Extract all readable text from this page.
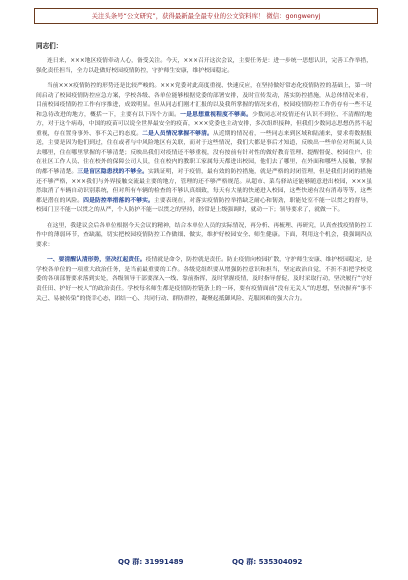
关注头条号“公文研究”，获得最新最全最专业的公文资料库！ 微信：gongwenyj
同志们：

连日来，×××地区疫情牵动人心，备受关注。今天，×××召开这次会议，主要任务是：进一步统一思想认识，完善工作举措，强化责任担当，全力以赴做好校园疫情防控，守护师生安康，维护校园稳定。

当前×××疫情防控的形势还是比较严峻的。×××党委对此高度重视、快速反应，在坚持做好常态化疫情防控的基础上，第一时间启动了校园疫情防控应急方案，学校各级、各单位能够根据党委的部署安排，及时宣传发动，落实防控措施，从总体情况来看，目前校园疫情防控工作有序推进，成效明显。但从同志们刚才汇报的以及我所掌握的情况来看，校园疫情防控工作仍存有一些不足和急待改进的地方，概括一下，主要有以下四个方面。一是思想重视程度不够高。少数同志对疫情还有认识不到位、不清醒的地方，对于这个病毒，中国的疫苗可以说全世界最安全的疫苗，×××党委也主动安排，多次组织接种，但我们少数同志思想仍然不起重视，存在置身事外、事不关己的态度。二是人员情况掌握不够清。从近期的情况看，一些同志来到区域和陆浦来，要求将数据报送，主要是因为他们到过，住在或者与中风险地区有关联，而对于这些情况，我们大都是事后才知道，反映出一些单位对所属人员去哪里，住在哪里掌握的不够清楚；反映出我们对疫情还不够重视，没有按前有针对性的做好教育管理、提醒督促、校园住户、住在社区工作人员、住在校外的保障公司人员，住在校内的教职工家属每天都进出校园，他们去了哪里，在外面和哪些人接触，掌握的都不够清楚。三是盲区隐患找的不够全。实践证明，对于疫情，最有效的防控措施，就是严格的封闭管理，但是我们封闭的措施还不够严格，×××我们与外界接触交流最主要的地方，管理的还不够严格规范。从超市、菜鸟驿站还能够随意进出校园，×××虽然取消了车辆自动识别系统，但对所有车辆的检查的不够认真细致，每天有大量的快递进入校园，这些快递有没有消毒等等，这些都是潜在的风险。四是防控举措落的不够实。主要表现在，对落实疫情防控举措缺乏耐心和韧劲，职能处室不能一以贯之的督导，校园门卫不能一以贯之的从严，个人防护不能一以贯之的坚持，经常是上级强调时，就动一下；领导要求了，就做一下。

在这里，我建议会后各单位根据今天会议的精神，结合本单位人员的实际情况，再分析、再梳理、再研究，认真查找疫情防控工作中的薄弱环节，查缺漏，切实把校园疫情防控工作做细、做实，维护好校园安全、师生健康。下面，利用这个机会，我强调四点要求：

一、要清醒认清形势，坚决扛起责任。疫情就是命令，防控就是责任。防止疫情向校园扩散，守护师生安康、维护校园稳定，是学校各单位的一项重大政治任务，是当前最重要的工作。各级党组织要从增强防控意识和担当，坚定政治自觉，不折不扣把学校党委的各项部署要求落到实处，各级领导干部要深入一线、靠前指挥，及时掌握疫情，及时指导督促，及时采取行动，坚决履行“守好责任田、护好一校人”的政治责任。学校每名师生都是疫情防控链条上的一环，要有疫情面前“没有无关人”的思想，坚决摒弃“事不关己、易被传染”的侥幸心态，团结一心、共同行动、群防群控，凝聚起抵御风险、克服困难的强大合力。

QQ 群: 31991489	QQ 群: 535304092
